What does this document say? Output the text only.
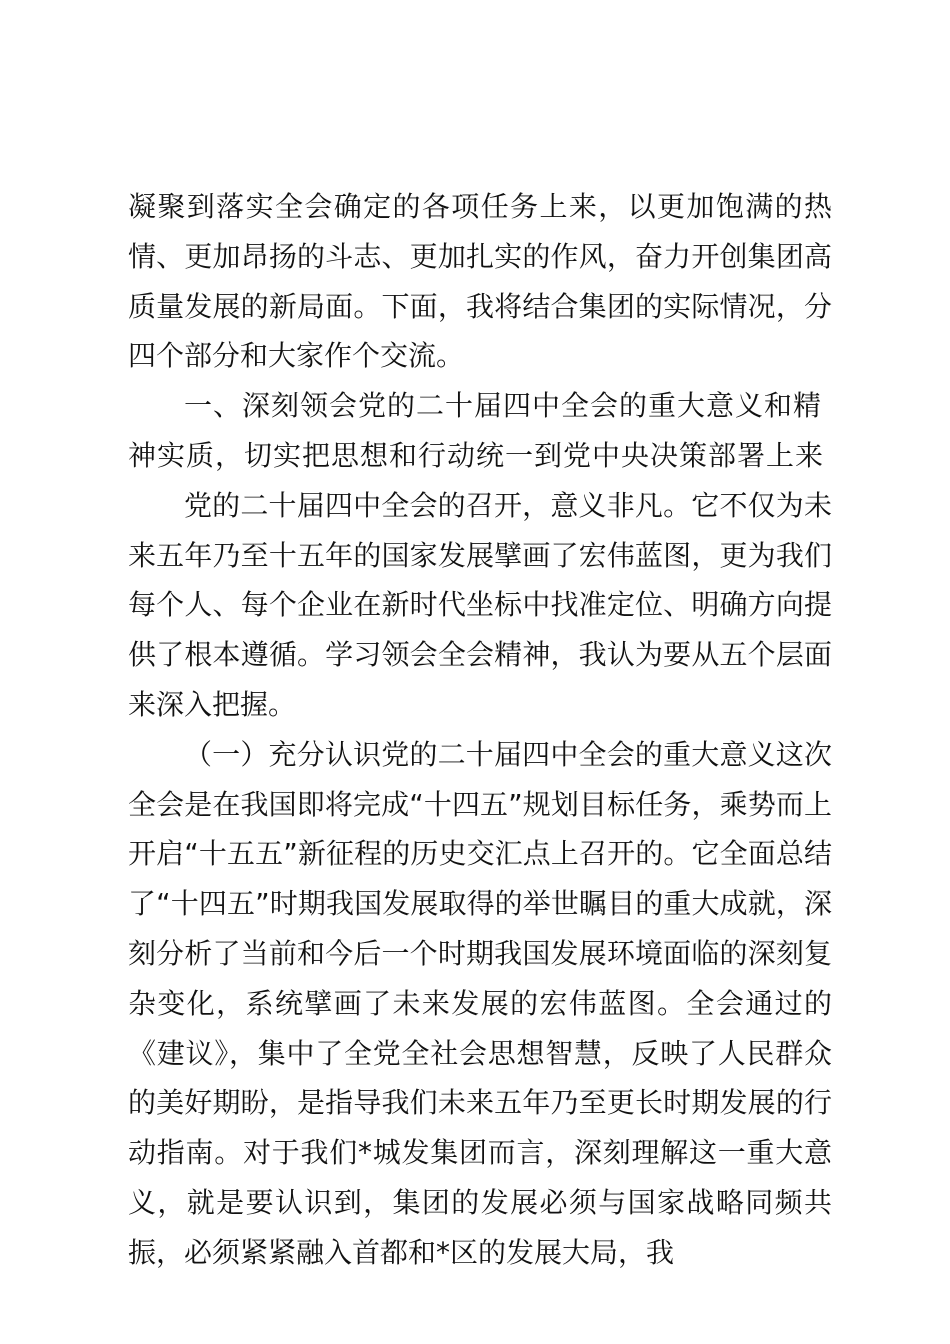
凝聚到落实全会确定的各项任务上来，以更加饱满的热情、更加昂扬的斗志、更加扎实的作风，奋力开创集团高质量发展的新局面。下面，我将结合集团的实际情况，分四个部分和大家作个交流。

一、深刻领会党的二十届四中全会的重大意义和精神实质，切实把思想和行动统一到党中央决策部署上来

党的二十届四中全会的召开，意义非凡。它不仅为未来五年乃至十五年的国家发展擘画了宏伟蓝图，更为我们每个人、每个企业在新时代坐标中找准定位、明确方向提供了根本遵循。学习领会全会精神，我认为要从五个层面来深入把握。

（一）充分认识党的二十届四中全会的重大意义这次全会是在我国即将完成“十四五”规划目标任务，乘势而上开启“十五五”新征程的历史交汇点上召开的。它全面总结了“十四五”时期我国发展取得的举世瞩目的重大成就，深刻分析了当前和今后一个时期我国发展环境面临的深刻复杂变化，系统擘画了未来发展的宏伟蓝图。全会通过的《建议》，集中了全党全社会思想智慧，反映了人民群众的美好期盼，是指导我们未来五年乃至更长时期发展的行动指南。对于我们*城发集团而言，深刻理解这一重大意义，就是要认识到，集团的发展必须与国家战略同频共振，必须紧紧融入首都和*区的发展大局，我
